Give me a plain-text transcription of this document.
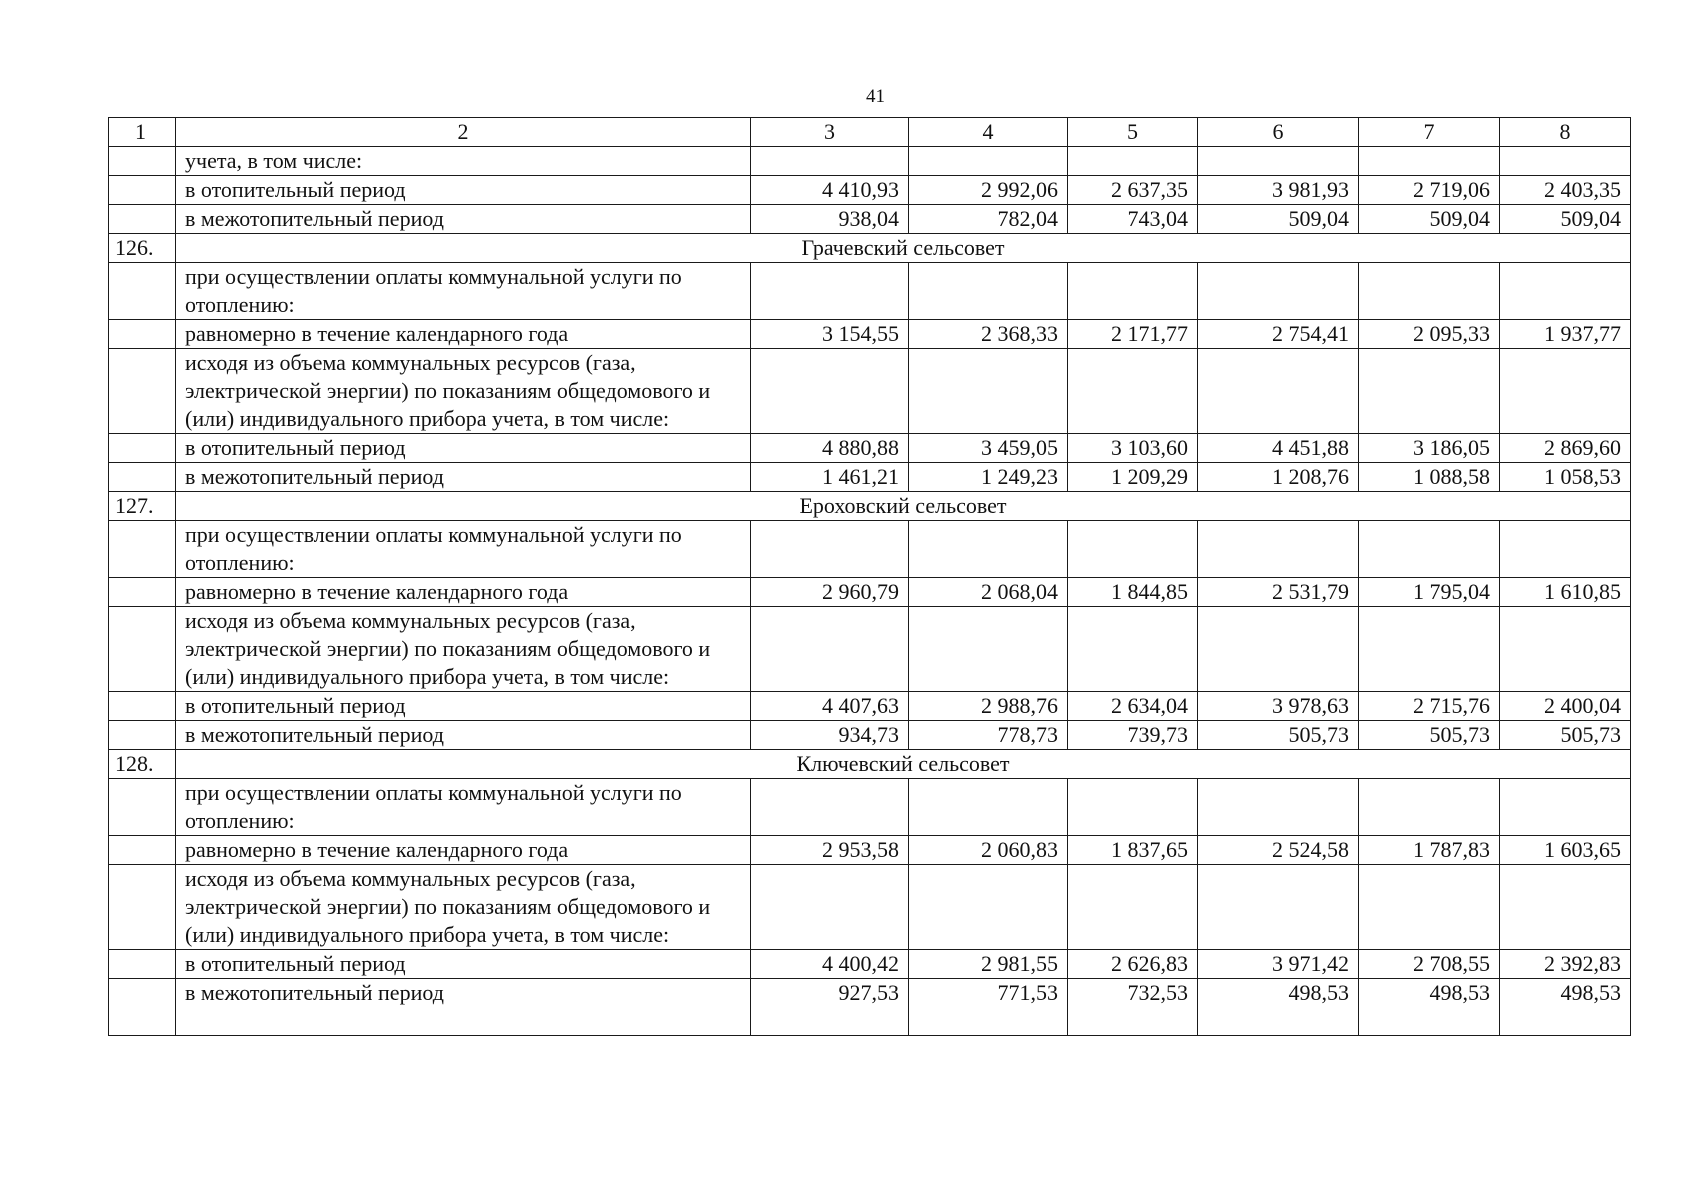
41
1	2	3	4	5	6	7	8
	учета, в том числе:						
	в отопительный период	4 410,93	2 992,06	2 637,35	3 981,93	2 719,06	2 403,35
	в межотопительный период	938,04	782,04	743,04	509,04	509,04	509,04
126.	Грачевский сельсовет						
	при осуществлении оплаты коммунальной услуги по отоплению:						
	равномерно в течение календарного года	3 154,55	2 368,33	2 171,77	2 754,41	2 095,33	1 937,77
	исходя из объема коммунальных ресурсов (газа, электрической энергии) по показаниям общедомового и (или) индивидуального прибора учета, в том числе:						
	в отопительный период	4 880,88	3 459,05	3 103,60	4 451,88	3 186,05	2 869,60
	в межотопительный период	1 461,21	1 249,23	1 209,29	1 208,76	1 088,58	1 058,53
127.	Ероховский сельсовет						
	при осуществлении оплаты коммунальной услуги по отоплению:						
	равномерно в течение календарного года	2 960,79	2 068,04	1 844,85	2 531,79	1 795,04	1 610,85
	исходя из объема коммунальных ресурсов (газа, электрической энергии) по показаниям общедомового и (или) индивидуального прибора учета, в том числе:						
	в отопительный период	4 407,63	2 988,76	2 634,04	3 978,63	2 715,76	2 400,04
	в межотопительный период	934,73	778,73	739,73	505,73	505,73	505,73
128.	Ключевский сельсовет						
	при осуществлении оплаты коммунальной услуги по отоплению:						
	равномерно в течение календарного года	2 953,58	2 060,83	1 837,65	2 524,58	1 787,83	1 603,65
	исходя из объема коммунальных ресурсов (газа, электрической энергии) по показаниям общедомового и (или) индивидуального прибора учета, в том числе:						
	в отопительный период	4 400,42	2 981,55	2 626,83	3 971,42	2 708,55	2 392,83
	в межотопительный период	927,53	771,53	732,53	498,53	498,53	498,53
